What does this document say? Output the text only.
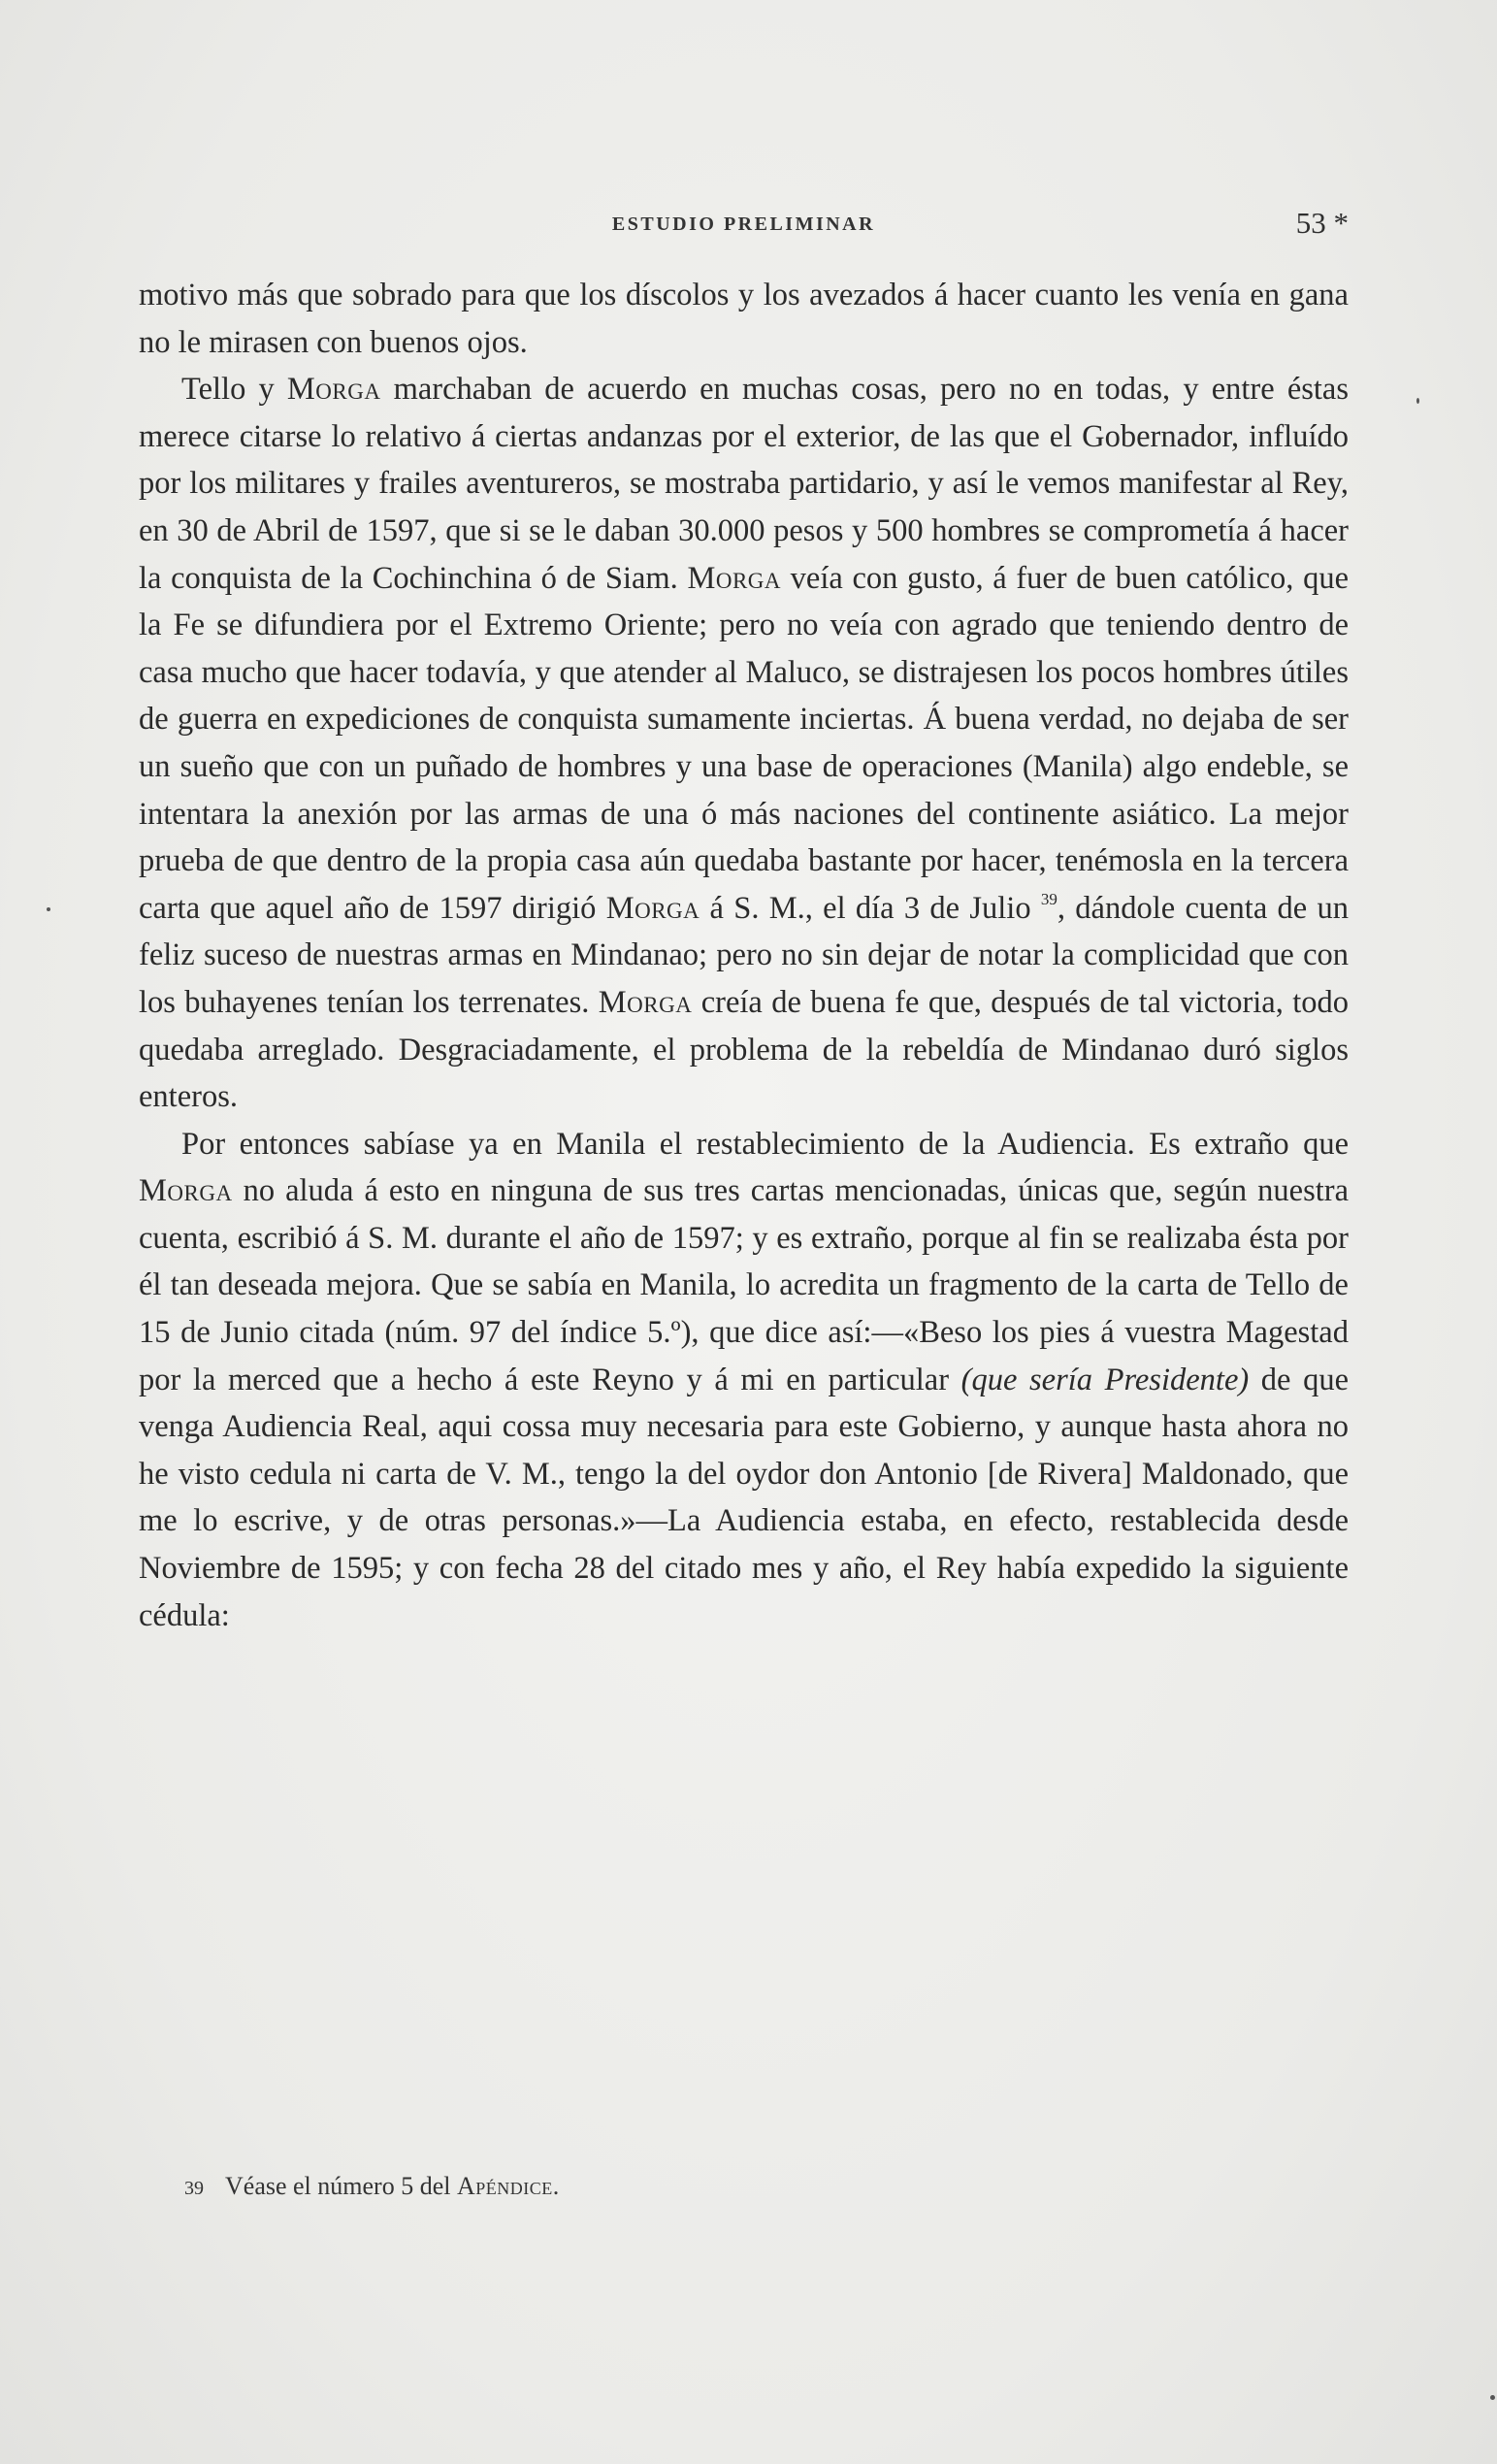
ESTUDIO PRELIMINAR	53 *

motivo más que sobrado para que los díscolos y los avezados á hacer cuanto les venía en gana no le mirasen con buenos ojos.

Tello y Morga marchaban de acuerdo en muchas cosas, pero no en todas, y entre éstas merece citarse lo relativo á ciertas andanzas por el exterior, de las que el Gobernador, influído por los militares y frailes aventureros, se mostraba partidario, y así le vemos manifestar al Rey, en 30 de Abril de 1597, que si se le daban 30.000 pesos y 500 hombres se comprometía á hacer la conquista de la Cochinchina ó de Siam. Morga veía con gusto, á fuer de buen católico, que la Fe se difundiera por el Extremo Oriente; pero no veía con agrado que teniendo dentro de casa mucho que hacer todavía, y que atender al Maluco, se distrajesen los pocos hombres útiles de guerra en expediciones de conquista sumamente inciertas. Á buena verdad, no dejaba de ser un sueño que con un puñado de hombres y una base de operaciones (Manila) algo endeble, se intentara la anexión por las armas de una ó más naciones del continente asiático. La mejor prueba de que dentro de la propia casa aún quedaba bastante por hacer, tenémosla en la tercera carta que aquel año de 1597 dirigió Morga á S. M., el día 3 de Julio $^{39}$, dándole cuenta de un feliz suceso de nuestras armas en Mindanao; pero no sin dejar de notar la complicidad que con los buhayenes tenían los terrenates. Morga creía de buena fe que, después de tal victoria, todo quedaba arreglado. Desgraciadamente, el problema de la rebeldía de Mindanao duró siglos enteros.

Por entonces sabíase ya en Manila el restablecimiento de la Audiencia. Es extraño que Morga no aluda á esto en ninguna de sus tres cartas mencionadas, únicas que, según nuestra cuenta, escribió á S. M. durante el año de 1597; y es extraño, porque al fin se realizaba ésta por él tan deseada mejora. Que se sabía en Manila, lo acredita un fragmento de la carta de Tello de 15 de Junio citada (núm. 97 del índice 5.º), que dice así:—«Beso los pies á vuestra Magestad por la merced que a hecho á este Reyno y á mi en particular (que sería Presidente) de que venga Audiencia Real, aqui cossa muy necesaria para este Gobierno, y aunque hasta ahora no he visto cedula ni carta de V. M., tengo la del oydor don Antonio [de Rivera] Maldonado, que me lo escrive, y de otras personas.»—La Audiencia estaba, en efecto, restablecida desde Noviembre de 1595; y con fecha 28 del citado mes y año, el Rey había expedido la siguiente cédula:

39 Véase el número 5 del Apéndice.
